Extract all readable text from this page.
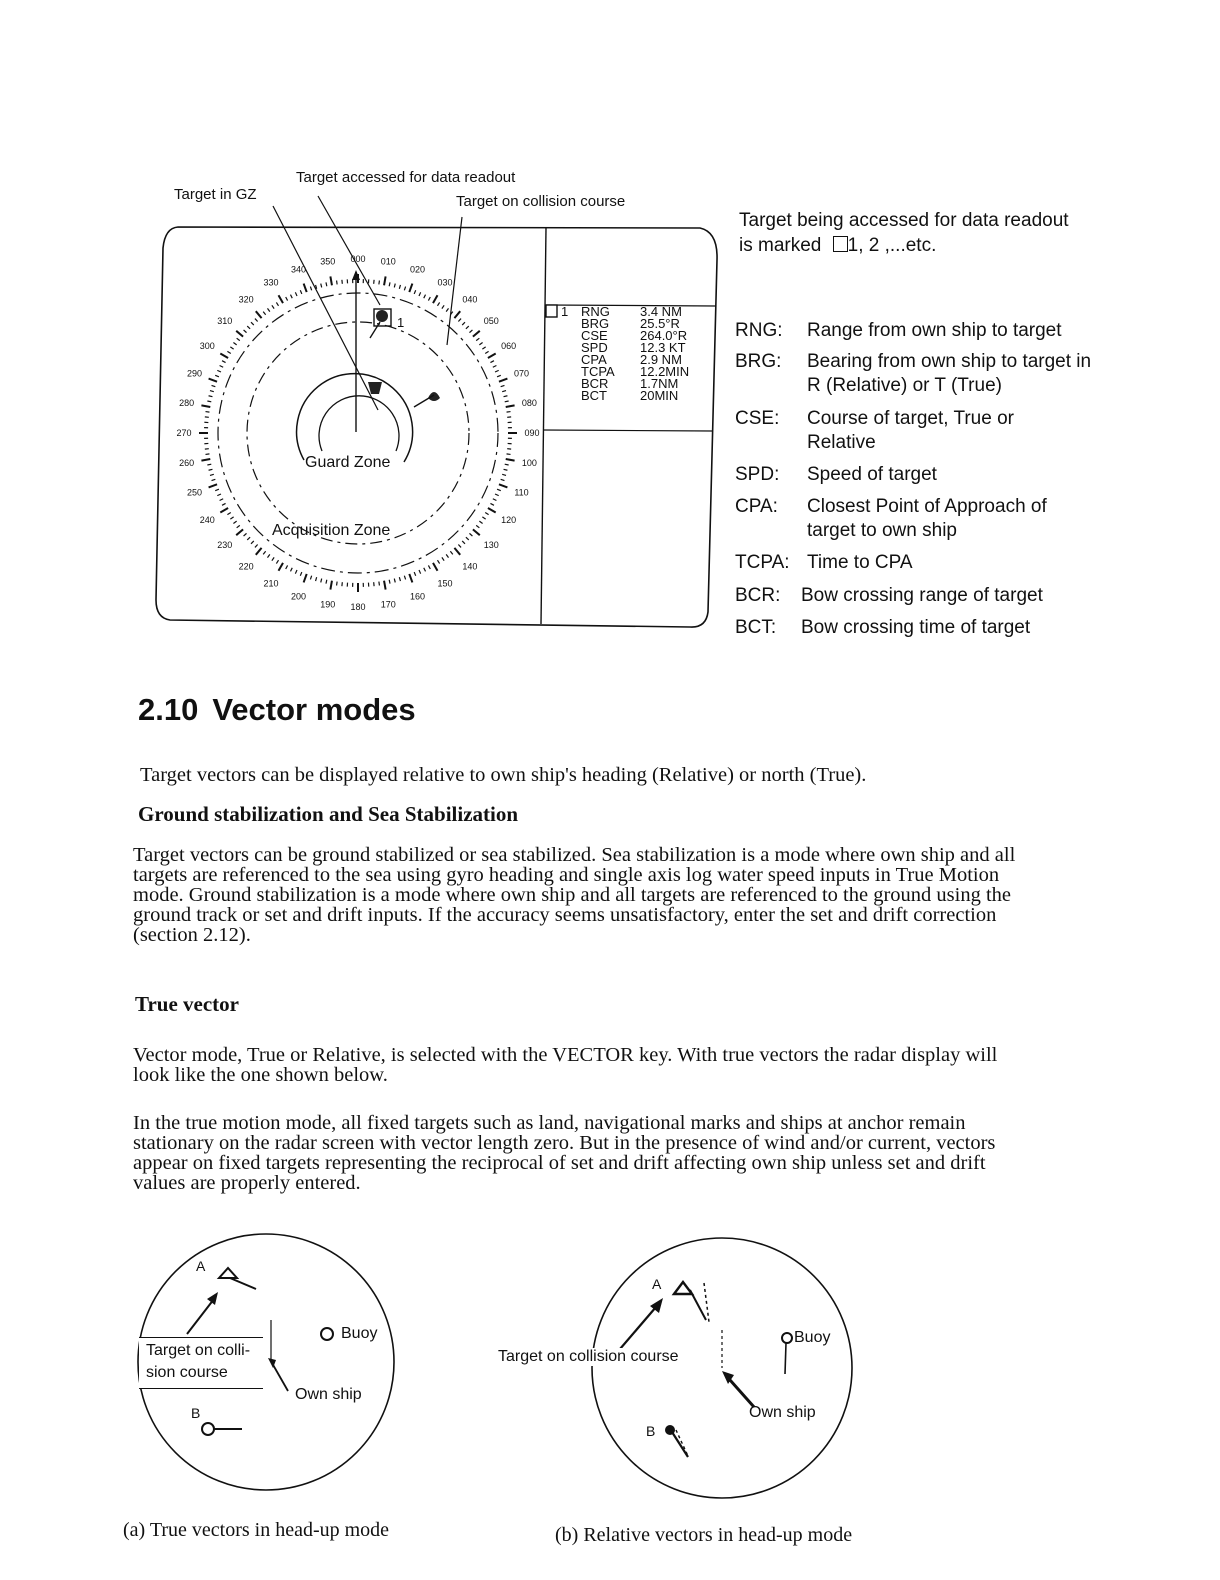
350 000 010
020
030
040
050
060
070
080
090
100
110
120
130
140
150
160
170
180
190
200
210
220
230
240
250
260
270
280
290
300
310
320
330
340
Target accessed for data readout
Target in GZ	Target on collision course
Guard Zone
Acquisition Zone
1
1 RNG 3.4 NM
BRG 25.5°R
CSE 264.0°R
SPD 12.3 KT
CPA	2.9 NM
TCPA 12.2MIN
BCR 1.7NM
BCT	20MIN
Target being accessed for data readout
is marked 1, 2 ,...etc.
RNG: Range from own ship to target
BRG: Bearing from own ship to target in R (Relative) or T (True)
CSE: Course of target, True or Relative
SPD: Speed of target
CPA: Closest Point of Approach of target to own ship
TCPA: Time to CPA
BCR: Bow crossing range of target
BCT: Bow crossing time of target
2.10 Vector modes
Target vectors can be displayed relative to own ship's heading (Relative) or north (True).
Ground stabilization and Sea Stabilization
Target vectors can be ground stabilized or sea stabilized. Sea stabilization is a mode where own ship and all targets are referenced to the sea using gyro heading and single axis log water speed inputs in True Motion mode. Ground stabilization is a mode where own ship and all targets are referenced to the ground using the ground track or set and drift inputs. If the accuracy seems unsatisfactory, enter the set and drift correction (section 2.12).
True vector
Vector mode, True or Relative, is selected with the VECTOR key. With true vectors the radar display will look like the one shown below.
In the true motion mode, all fixed targets such as land, navigational marks and ships at anchor remain stationary on the radar screen with vector length zero. But in the presence of wind and/or current, vectors appear on fixed targets representing the reciprocal of set and drift affecting own ship unless set and drift values are properly entered.
A
B
Buoy
Target on colli-
sion course
Own ship
(a) True vectors in head-up mode
A
B
Buoy
Target on collision course
Own ship
(b) Relative vectors in head-up mode
